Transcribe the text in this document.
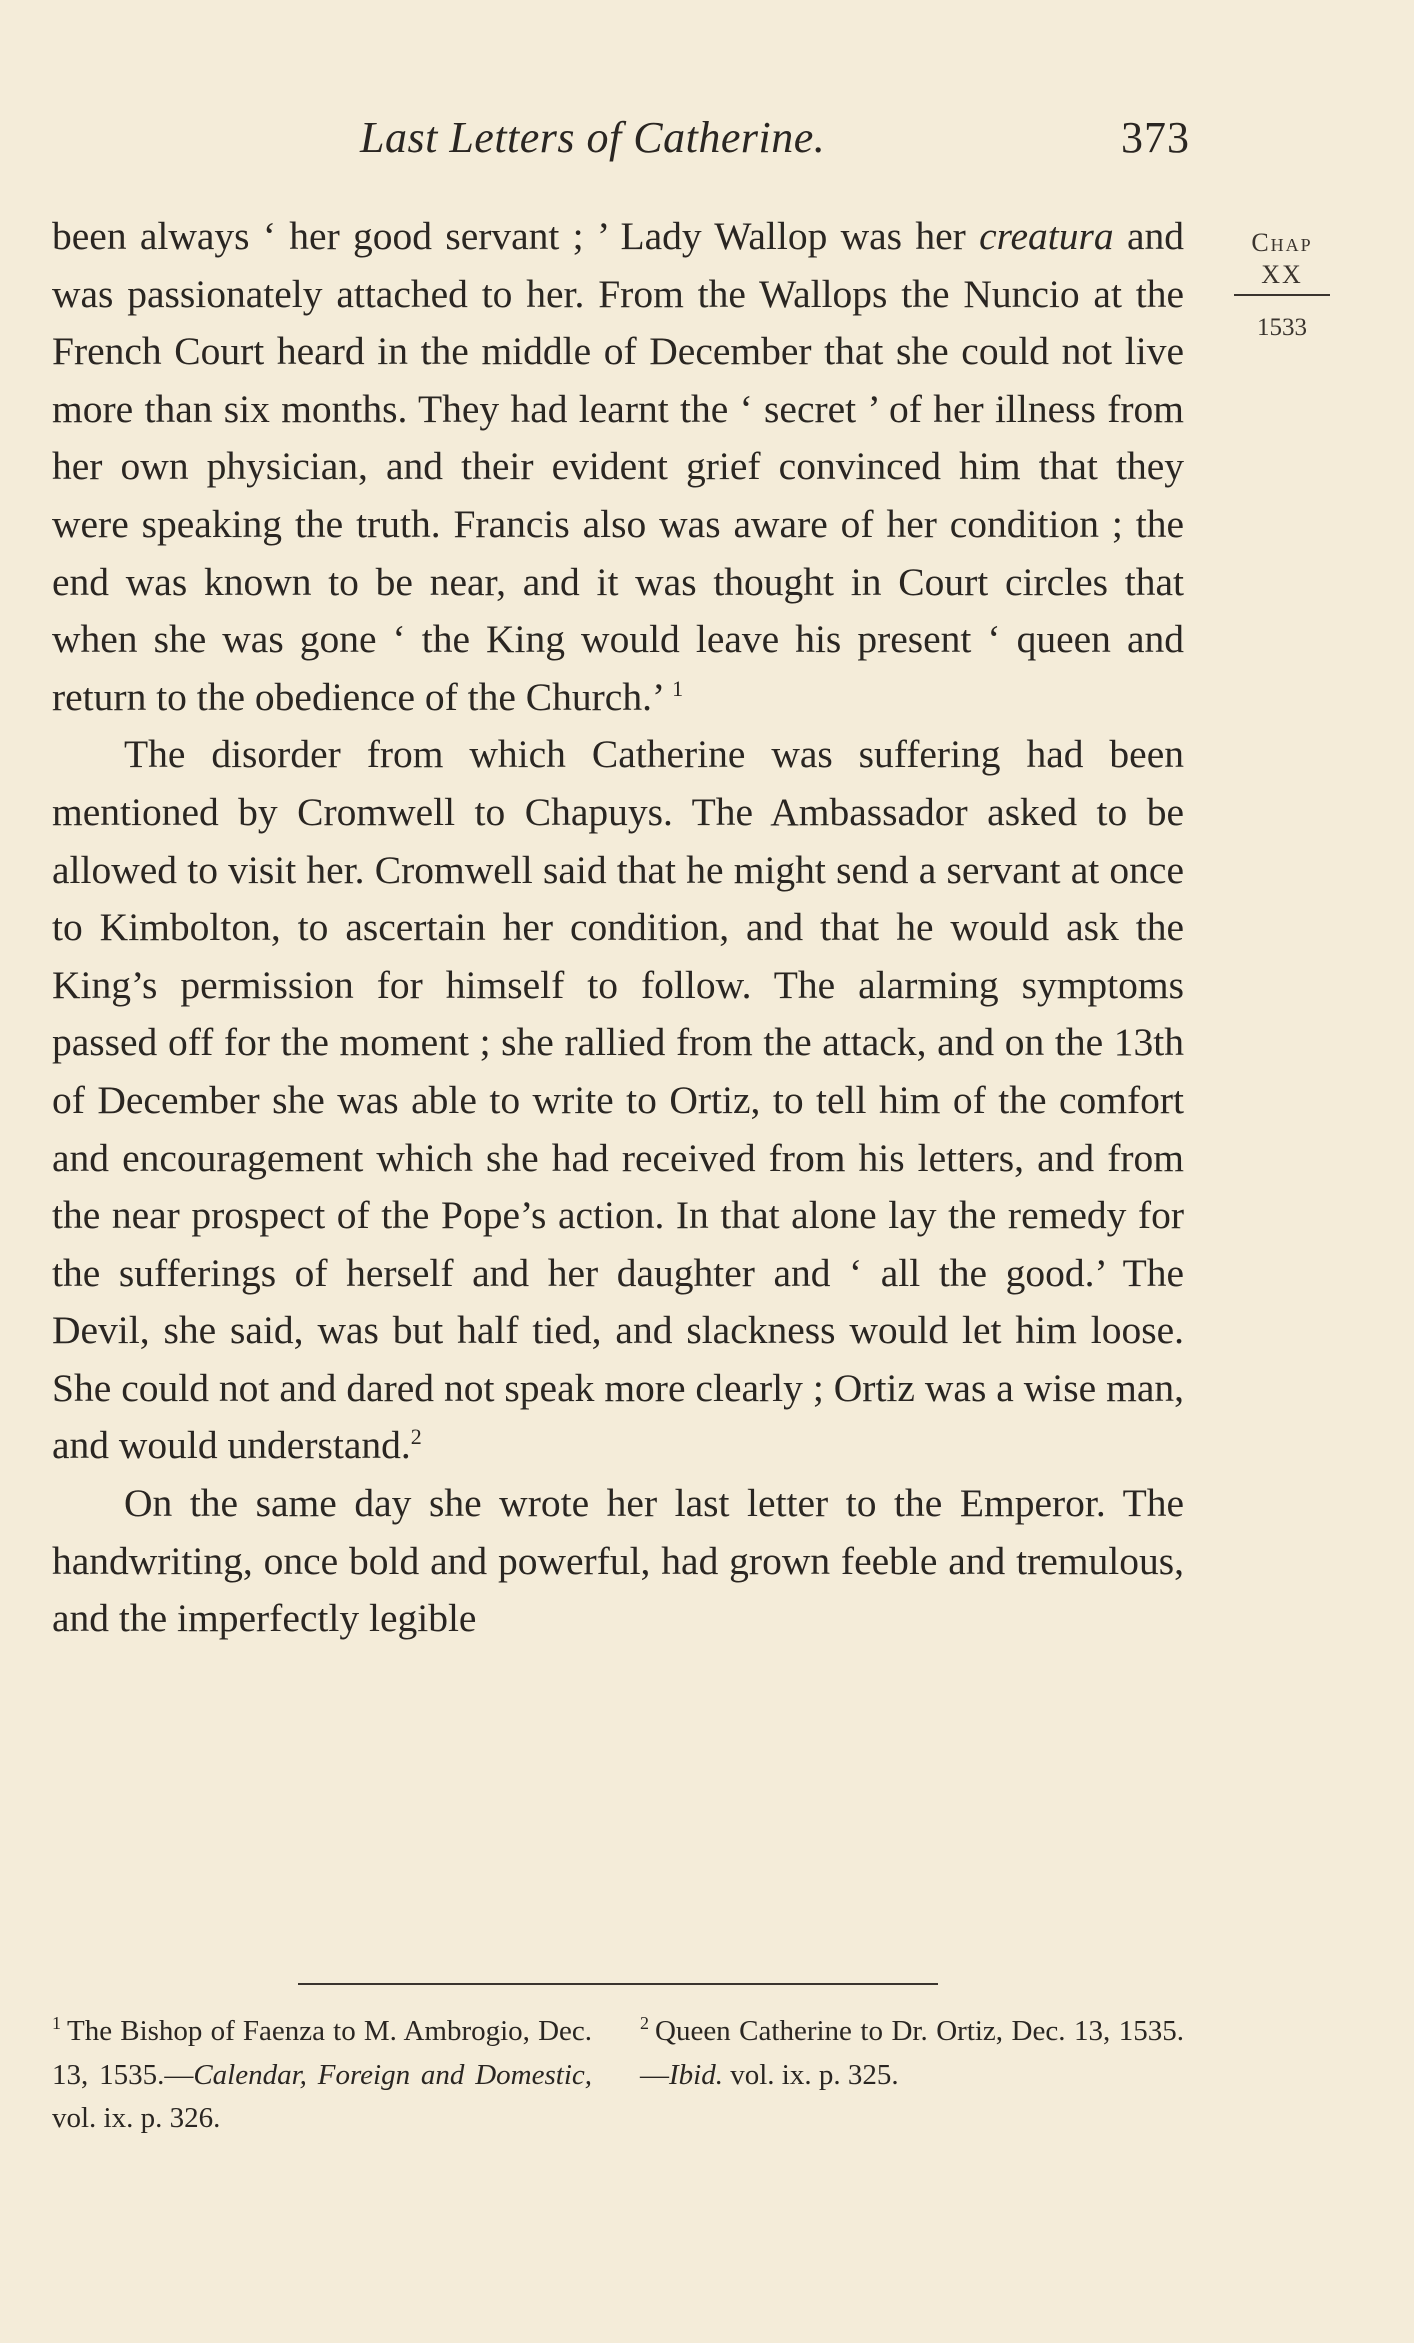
Last Letters of Catherine.	373
Chap
XX
1533

been always ‘ her good servant ; ’ Lady Wallop was her creatura and was passionately attached to her. From the Wallops the Nuncio at the French Court heard in the middle of December that she could not live more than six months. They had learnt the ‘ secret ’ of her illness from her own physician, and their evident grief convinced him that they were speaking the truth. Francis also was aware of her condition ; the end was known to be near, and it was thought in Court circles that when she was gone ‘ the King would leave his present ‘ queen and return to the obedience of the Church.’ $^1$

The disorder from which Catherine was suffering had been mentioned by Cromwell to Chapuys. The Ambassador asked to be allowed to visit her. Cromwell said that he might send a servant at once to Kimbolton, to ascertain her condition, and that he would ask the King’s permission for himself to follow. The alarming symptoms passed off for the moment ; she rallied from the attack, and on the 13th of December she was able to write to Ortiz, to tell him of the comfort and encouragement which she had received from his letters, and from the near prospect of the Pope’s action. In that alone lay the remedy for the sufferings of herself and her daughter and ‘ all the good.’ The Devil, she said, was but half tied, and slackness would let him loose. She could not and dared not speak more clearly ; Ortiz was a wise man, and would understand.$^2$

On the same day she wrote her last letter to the Emperor. The handwriting, once bold and powerful, had grown feeble and tremulous, and the imperfectly legible

$^1$ The Bishop of Faenza to M. Ambrogio, Dec. 13, 1535.—Calendar, Foreign and Domestic, vol. ix. p. 326.

$^2$ Queen Catherine to Dr. Ortiz, Dec. 13, 1535.—Ibid. vol. ix. p. 325.
